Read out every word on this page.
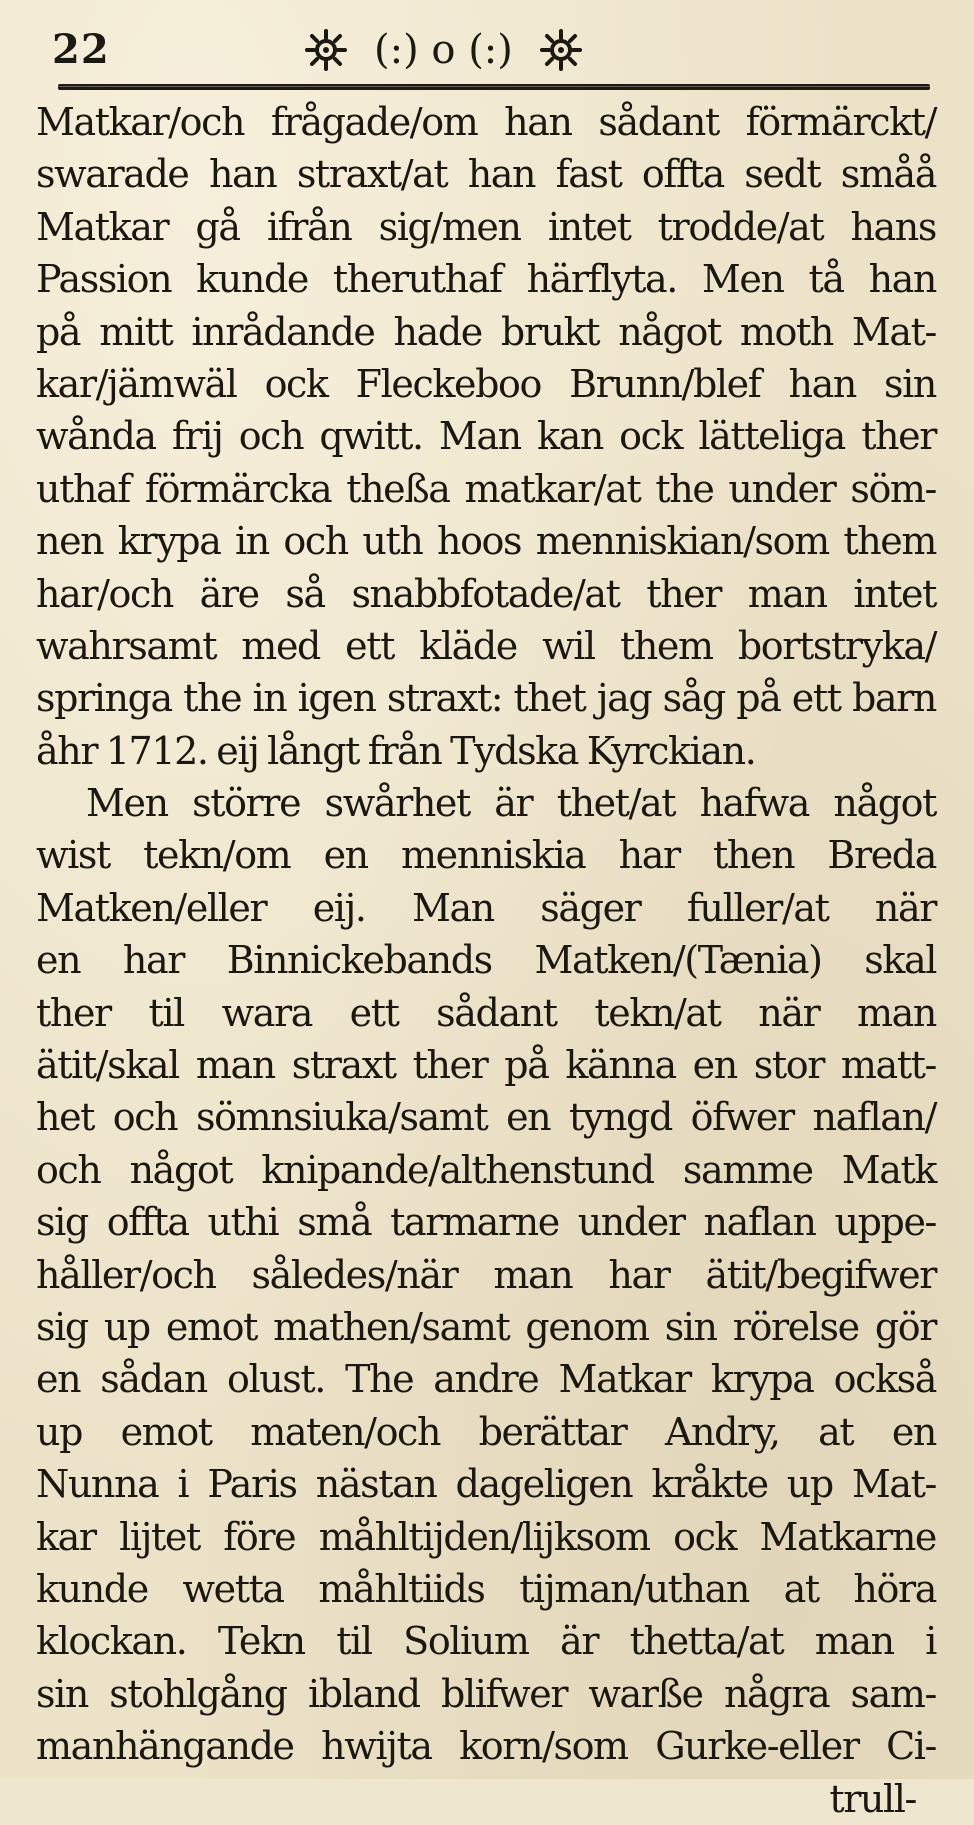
22	(:) o (:)
Matkar/och frågade/om han sådant förmärckt/
swarade han straxt/at han fast offta sedt småå
Matkar gå ifrån sig/men intet trodde/at hans
Passion kunde theruthaf härflyta. Men tå han
på mitt inrådande hade brukt något moth Mat-
kar/jämwäl ock Fleckeboo Brunn/blef han sin
wånda frij och qwitt. Man kan ock lätteliga ther
uthaf förmärcka theßa matkar/at the under söm-
nen krypa in och uth hoos menniskian/som them
har/och äre så snabbfotade/at ther man intet
wahrsamt med ett kläde wil them bortstryka/
springa the in igen straxt: thet jag såg på ett barn
åhr 1712. eij långt från Tydska Kyrckian.
Men större swårhet är thet/at hafwa något
wist tekn/om en menniskia har then Breda
Matken/eller eij. Man säger fuller/at när
en har Binnickebands Matken/(Tænia) skal
ther til wara ett sådant tekn/at när man
ätit/skal man straxt ther på känna en stor matt-
het och sömnsiuka/samt en tyngd öfwer naflan/
och något knipande/althenstund samme Matk
sig offta uthi små tarmarne under naflan uppe-
håller/och således/när man har ätit/begifwer
sig up emot mathen/samt genom sin rörelse gör
en sådan olust. The andre Matkar krypa också
up emot maten/och berättar Andry, at en
Nunna i Paris nästan dageligen kråkte up Mat-
kar lijtet före måhltijden/lijksom ock Matkarne
kunde wetta måhltiids tijman/uthan at höra
klockan. Tekn til Solium är thetta/at man i
sin stohlgång ibland blifwer warße några sam-
manhängande hwijta korn/som Gurke-eller Ci-
trull-
